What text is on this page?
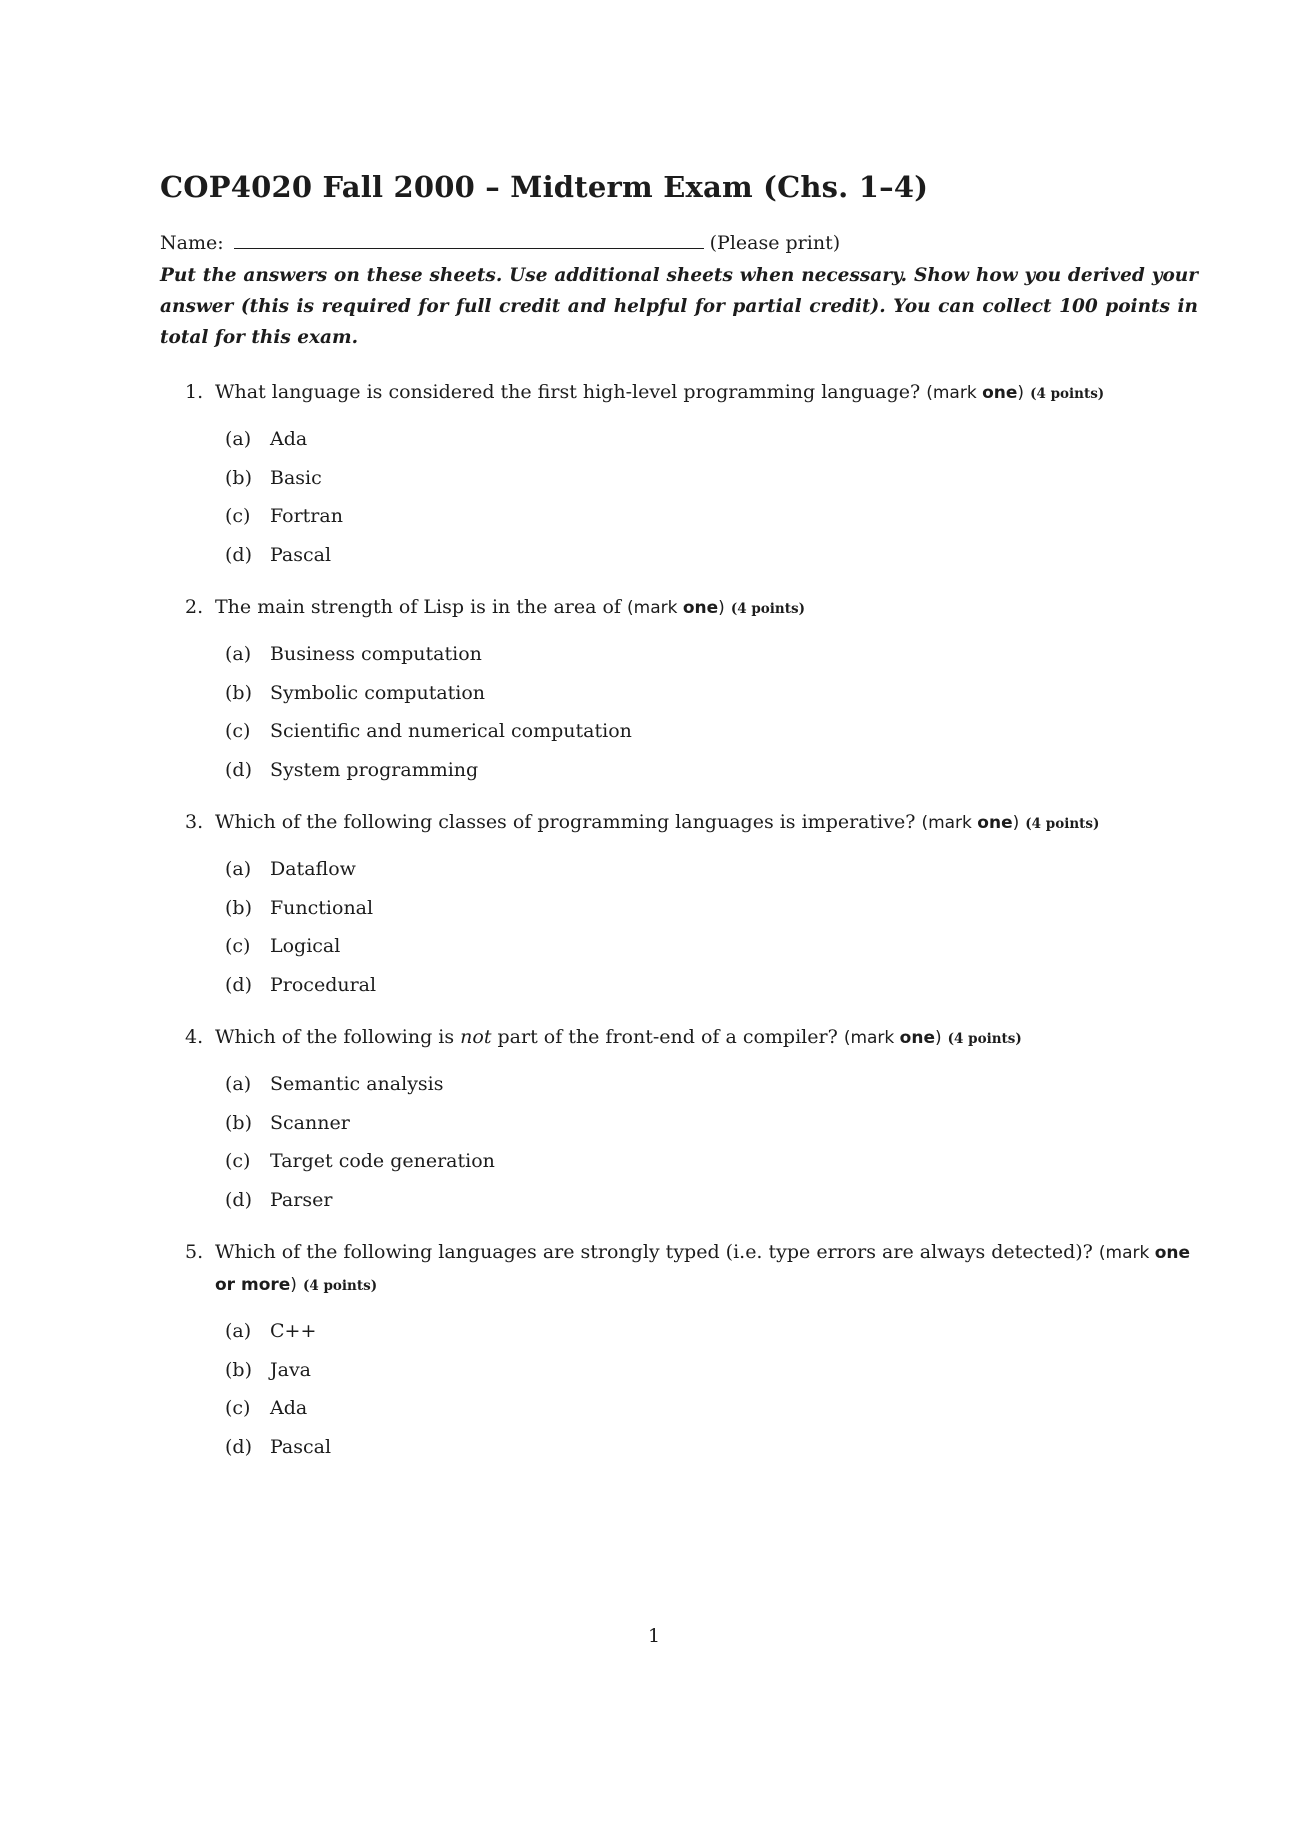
COP4020 Fall 2000 – Midterm Exam (Chs. 1–4)
Name:	(Please print)

Put the answers on these sheets. Use additional sheets when necessary. Show how you derived your answer (this is required for full credit and helpful for partial credit). You can collect 100 points in total for this exam.

1. What language is considered the first high-level programming language? (mark one) (4 points)
(a) Ada
(b) Basic
(c)	Fortran
(d) Pascal
2. The main strength of Lisp is in the area of (mark one) (4 points)
(a) Business computation
(b) Symbolic computation
(c)	Scientific and numerical computation
(d) System programming
3. Which of the following classes of programming languages is imperative? (mark one) (4 points)
(a) Dataflow
(b) Functional
(c)	Logical
(d) Procedural
4. Which of the following is not part of the front-end of a compiler? (mark one) (4 points)
(a) Semantic analysis
(b) Scanner
(c)	Target code generation
(d) Parser
5. Which of the following languages are strongly typed (i.e. type errors are always detected)? (mark one or more) (4 points)
(a) C++
(b) Java
(c)	Ada
(d) Pascal
1
